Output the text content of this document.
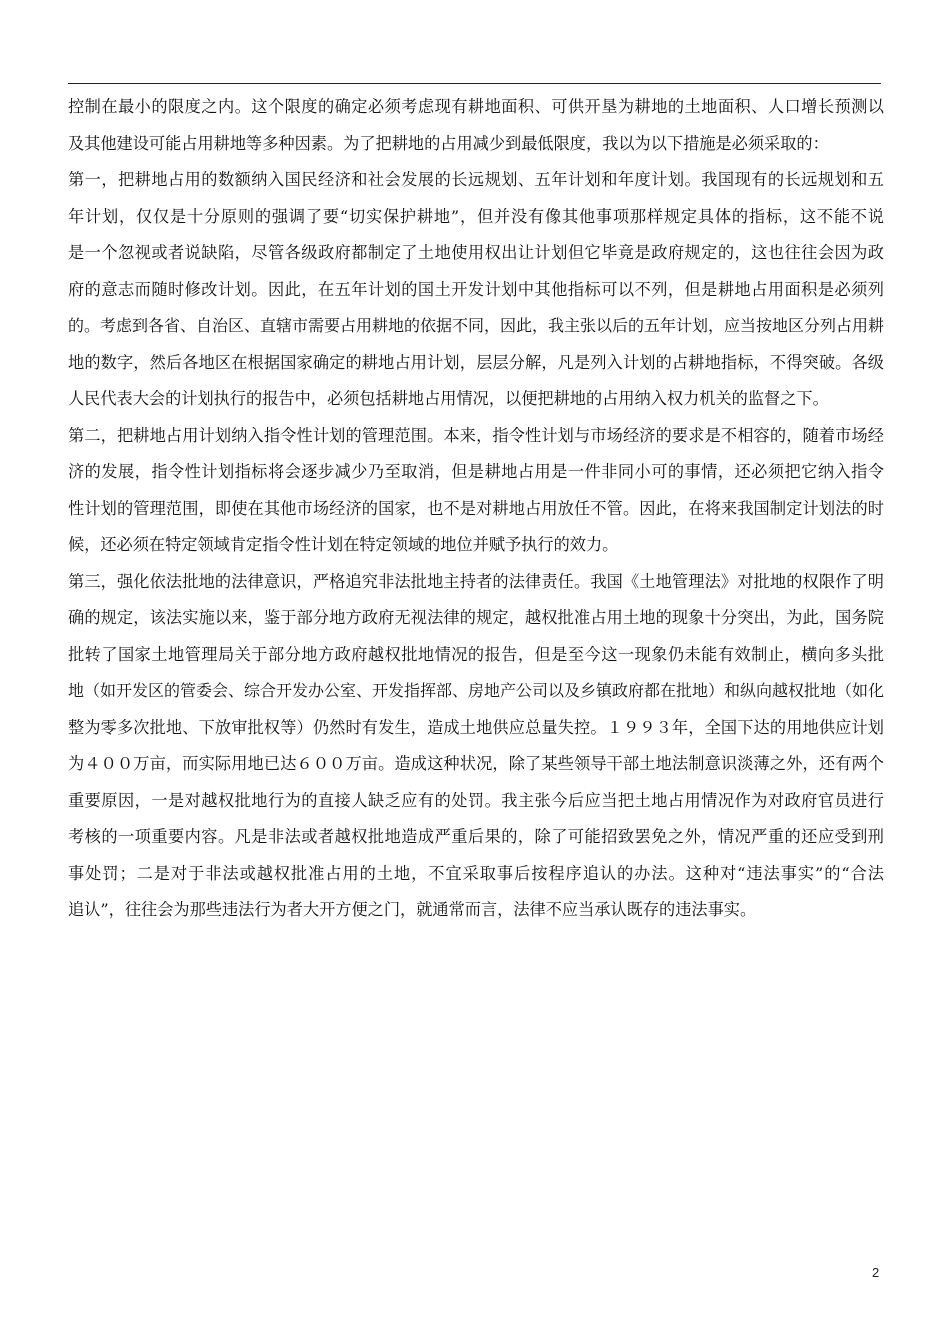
控制在最小的限度之内。这个限度的确定必须考虑现有耕地面积、可供开垦为耕地的土地面积、人口增长预测以
及其他建设可能占用耕地等多种因素。为了把耕地的占用减少到最低限度，我以为以下措施是必须采取的：
第一，把耕地占用的数额纳入国民经济和社会发展的长远规划、五年计划和年度计划。我国现有的长远规划和五
年计划，仅仅是十分原则的强调了要“切实保护耕地”，但并没有像其他事项那样规定具体的指标，这不能不说
是一个忽视或者说缺陷，尽管各级政府都制定了土地使用权出让计划但它毕竟是政府规定的，这也往往会因为政
府的意志而随时修改计划。因此，在五年计划的国土开发计划中其他指标可以不列，但是耕地占用面积是必须列
的。考虑到各省、自治区、直辖市需要占用耕地的依据不同，因此，我主张以后的五年计划，应当按地区分列占用耕
地的数字，然后各地区在根据国家确定的耕地占用计划，层层分解，凡是列入计划的占耕地指标，不得突破。各级
人民代表大会的计划执行的报告中，必须包括耕地占用情况，以便把耕地的占用纳入权力机关的监督之下。
第二，把耕地占用计划纳入指令性计划的管理范围。本来，指令性计划与市场经济的要求是不相容的，随着市场经
济的发展，指令性计划指标将会逐步减少乃至取消，但是耕地占用是一件非同小可的事情，还必须把它纳入指令
性计划的管理范围，即使在其他市场经济的国家，也不是对耕地占用放任不管。因此，在将来我国制定计划法的时
候，还必须在特定领域肯定指令性计划在特定领域的地位并赋予执行的效力。
第三，强化依法批地的法律意识，严格追究非法批地主持者的法律责任。我国《土地管理法》对批地的权限作了明
确的规定，该法实施以来，鉴于部分地方政府无视法律的规定，越权批准占用土地的现象十分突出，为此，国务院
批转了国家土地管理局关于部分地方政府越权批地情况的报告，但是至今这一现象仍未能有效制止，横向多头批
地（如开发区的管委会、综合开发办公室、开发指挥部、房地产公司以及乡镇政府都在批地）和纵向越权批地（如化
整为零多次批地、下放审批权等）仍然时有发生，造成土地供应总量失控。１９９３年，全国下达的用地供应计划
为４００万亩，而实际用地已达６００万亩。造成这种状况，除了某些领导干部土地法制意识淡薄之外，还有两个
重要原因，一是对越权批地行为的直接人缺乏应有的处罚。我主张今后应当把土地占用情况作为对政府官员进行
考核的一项重要内容。凡是非法或者越权批地造成严重后果的，除了可能招致罢免之外，情况严重的还应受到刑
事处罚；二是对于非法或越权批准占用的土地，不宜采取事后按程序追认的办法。这种对“违法事实”的“合法
追认”，往往会为那些违法行为者大开方便之门，就通常而言，法律不应当承认既存的违法事实。
2
